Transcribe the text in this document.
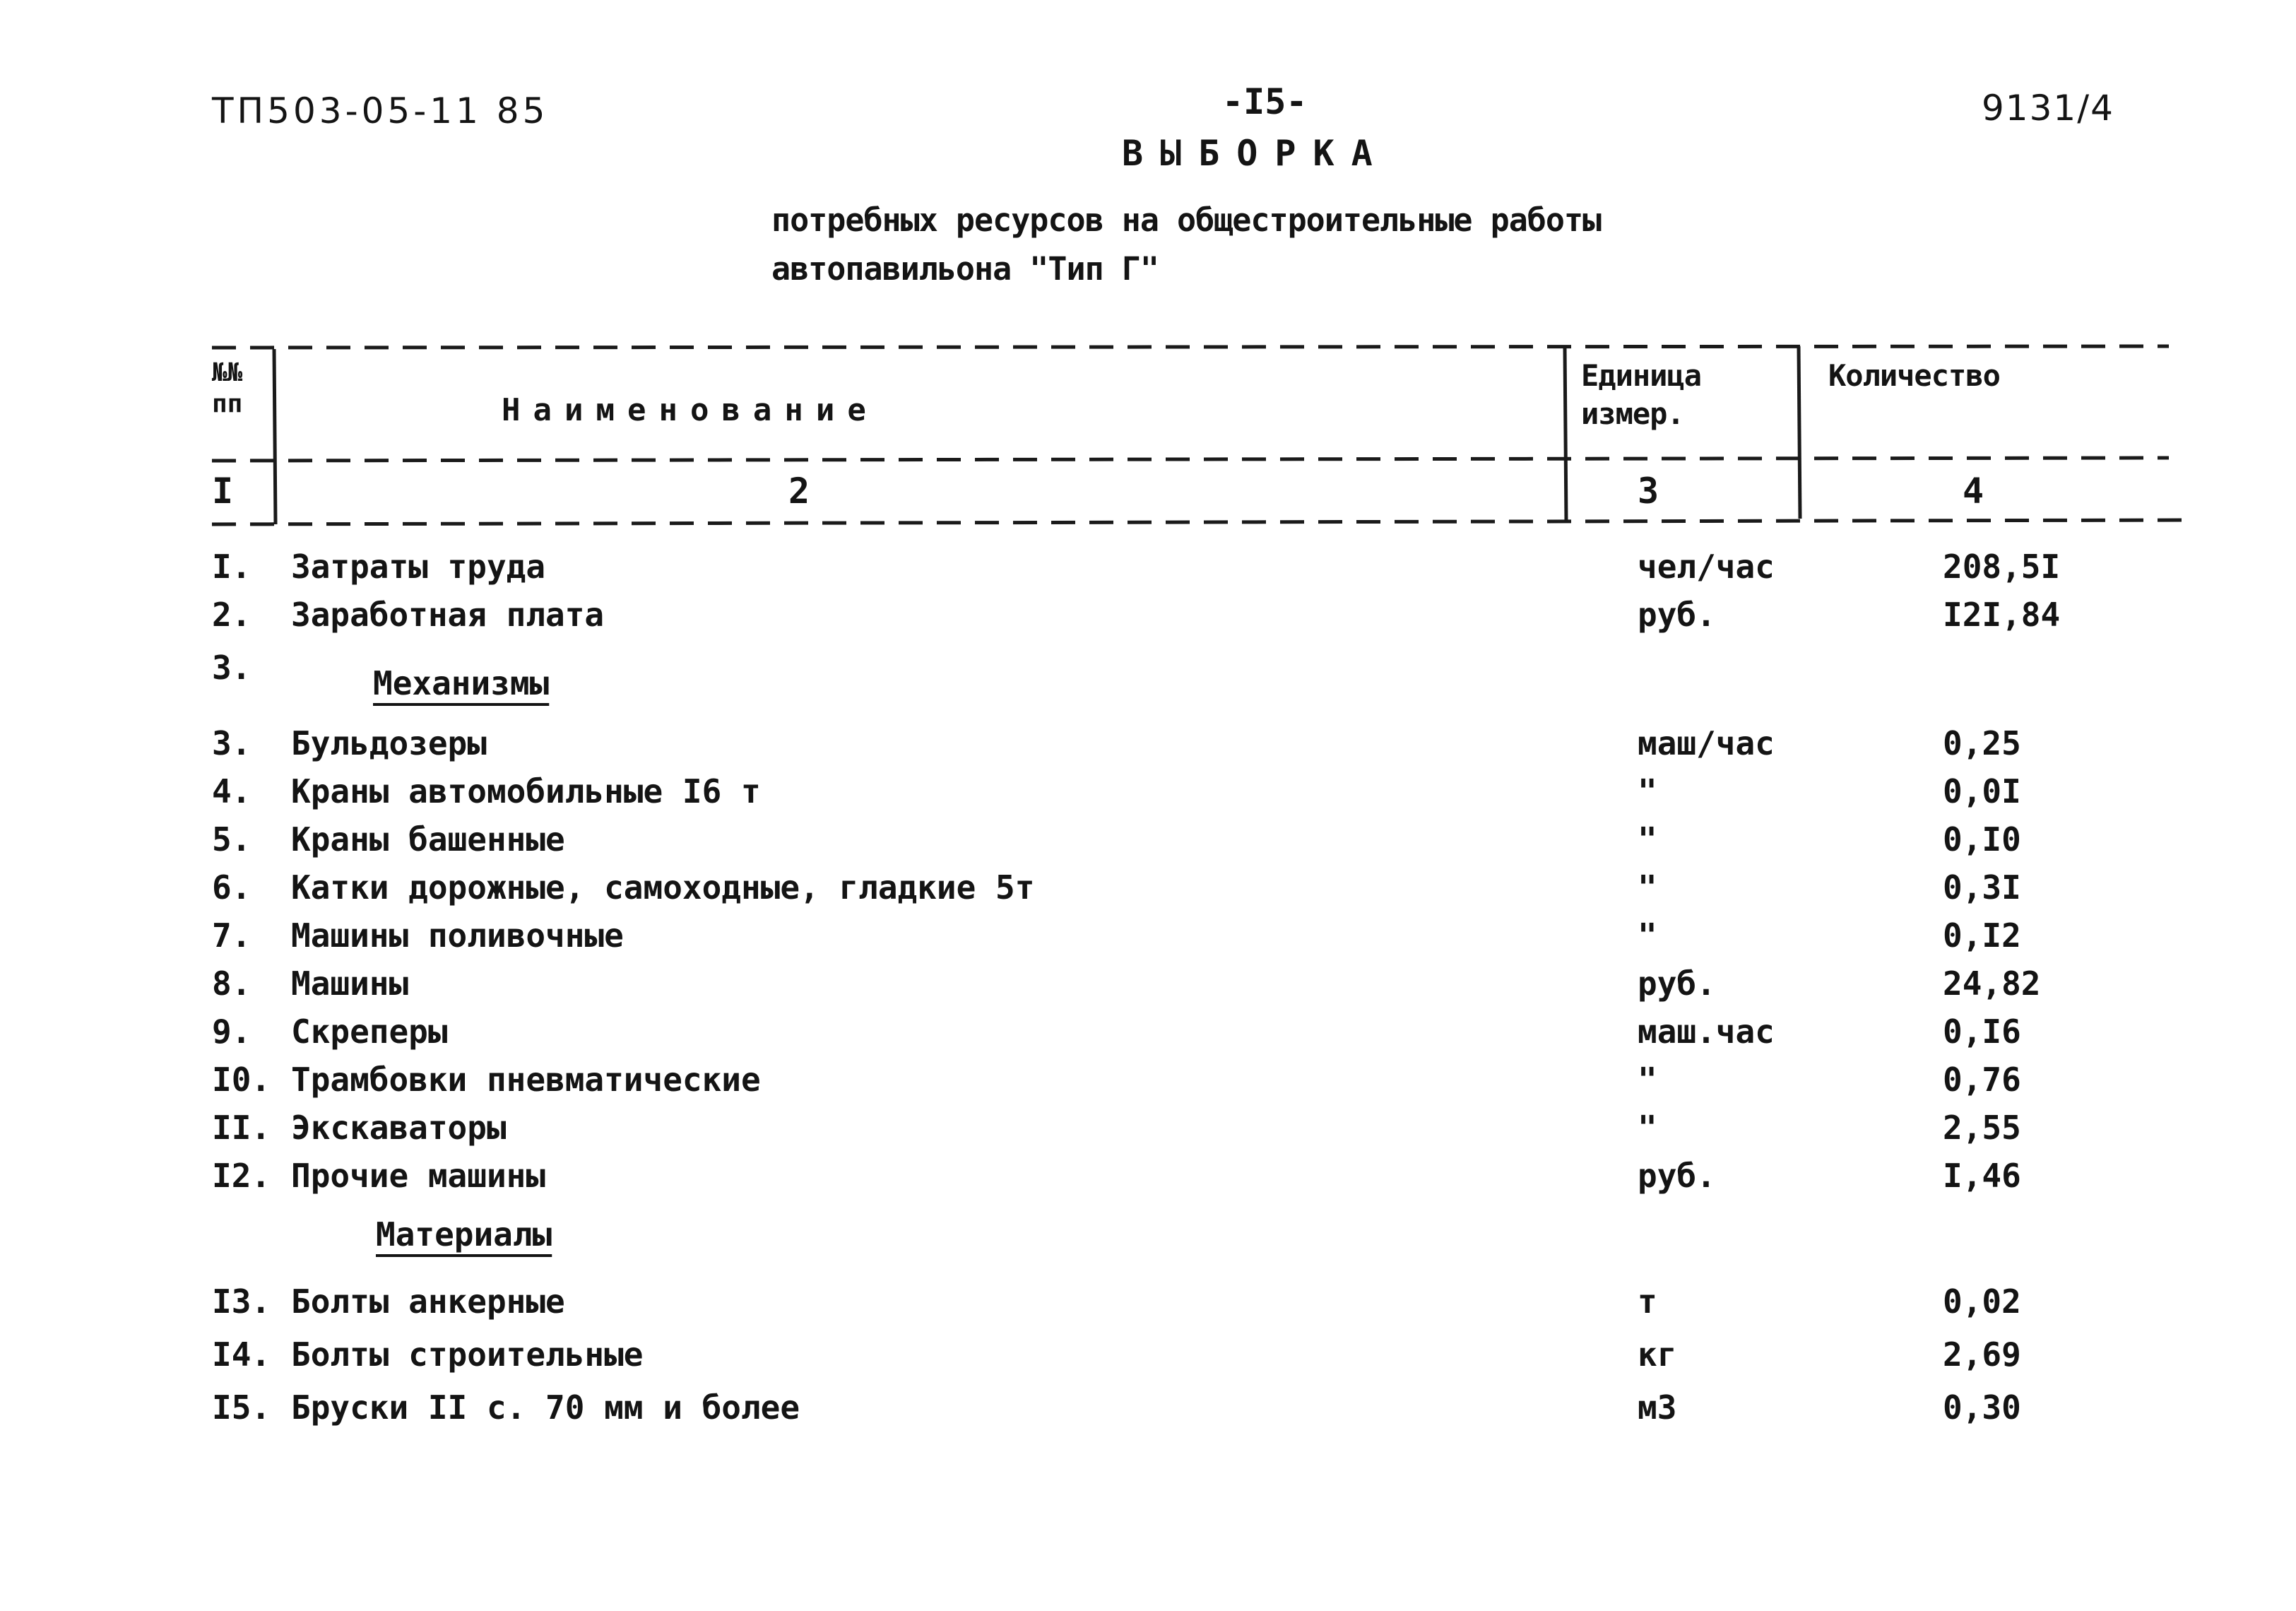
ТП503-05-11 85	-I5-	9131/4
ВЫБОРКА
потребных ресурсов на общестроительные работы
автопавильона "Тип Г"
№№
пп	Наименование
Единица
измер.
Количество
I	2	3	4
I. Затраты труда	чел/час	208,5I
2. Заработная плата	руб.	I2I,84
3.	Механизмы
3. Бульдозеры	маш/час	0,25
4. Краны автомобильные I6 т	"	0,0I
5. Краны башенные	"	0,I0
6. Катки дорожные, самоходные, гладкие 5т	"	0,3I
7. Машины поливочные	"	0,I2
8. Машины	руб.	24,82
9. Скреперы	маш.час	0,I6
I0. Трамбовки пневматические	"	0,76
II. Экскаваторы	"	2,55
I2. Прочие машины	руб.	I,46
Материалы
I3. Болты анкерные	т	0,02
I4. Болты строительные	кг	2,69
I5. Бруски II с. 70 мм и более	м3	0,30
